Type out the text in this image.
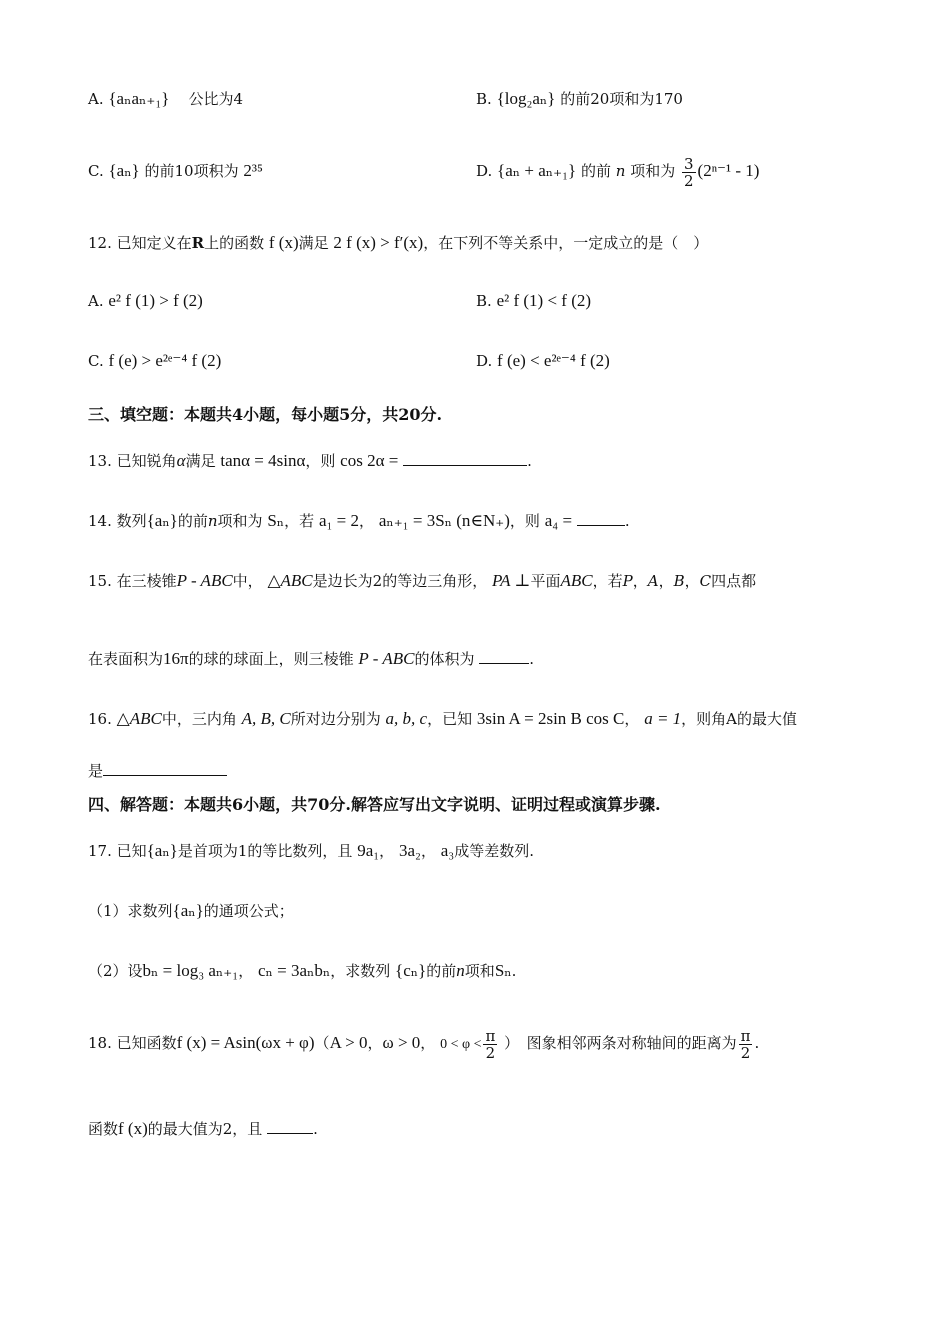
A. {aₙaₙ₊₁} 公比为4	B. {log₂aₙ} 的前20项和为170
C. {aₙ} 的前10项积为 2³⁵	D. {aₙ + aₙ₊₁} 的前 n 项和为 $\frac{3}{2} (2^{n-1} - 1)$
12. 已知定义在R上的函数 f (x)满足 2 f (x) > f′(x)，在下列不等关系中，一定成立的是（　）
A. e² f (1) > f (2)	B. e² f (1) < f (2)
C. f (e) > e²ᵉ⁻⁴ f (2)	D. f (e) < e²ᵉ⁻⁴ f (2)
三、填空题：本题共4小题，每小题5分，共20分.
13. 已知锐角α满足 tanα = 4sinα，则 cos 2α =	.
14. 数列{aₙ}的前n项和为 Sₙ，若 a₁ = 2， aₙ₊₁ = 3Sₙ (n∈N₊)，则 a₄ =	.
15. 在三棱锥P - ABC中， △ABC是边长为2的等边三角形， PA ⊥平面ABC，若P，A，B，C四点都
在表面积为16π的球的球面上，则三棱锥 P - ABC的体积为	.
16. △ABC中，三内角 A, B, C所对边分别为 a, b, c，已知 3sin A = 2sin B cos C， a = 1，则角A的最大值
是
四、解答题：本题共6小题，共70分.解答应写出文字说明、证明过程或演算步骤.
17. 已知{aₙ}是首项为1的等比数列，且 9a₁， 3a₂， a₃成等差数列.
（1）求数列{aₙ}的通项公式；
（2）设bₙ = log₃ aₙ₊₁， cₙ = 3aₙbₙ，求数列 {cₙ}的前n项和Sₙ.
18. 已知函数f (x) = Asin(ωx + φ)（A > 0，ω > 0， $0 < \varphi < \frac{\pi}{2}$ ）　图象相邻两条对称轴间的距离为 $\frac{\pi}{2}$ .
函数f (x)的最大值为2，且	.
